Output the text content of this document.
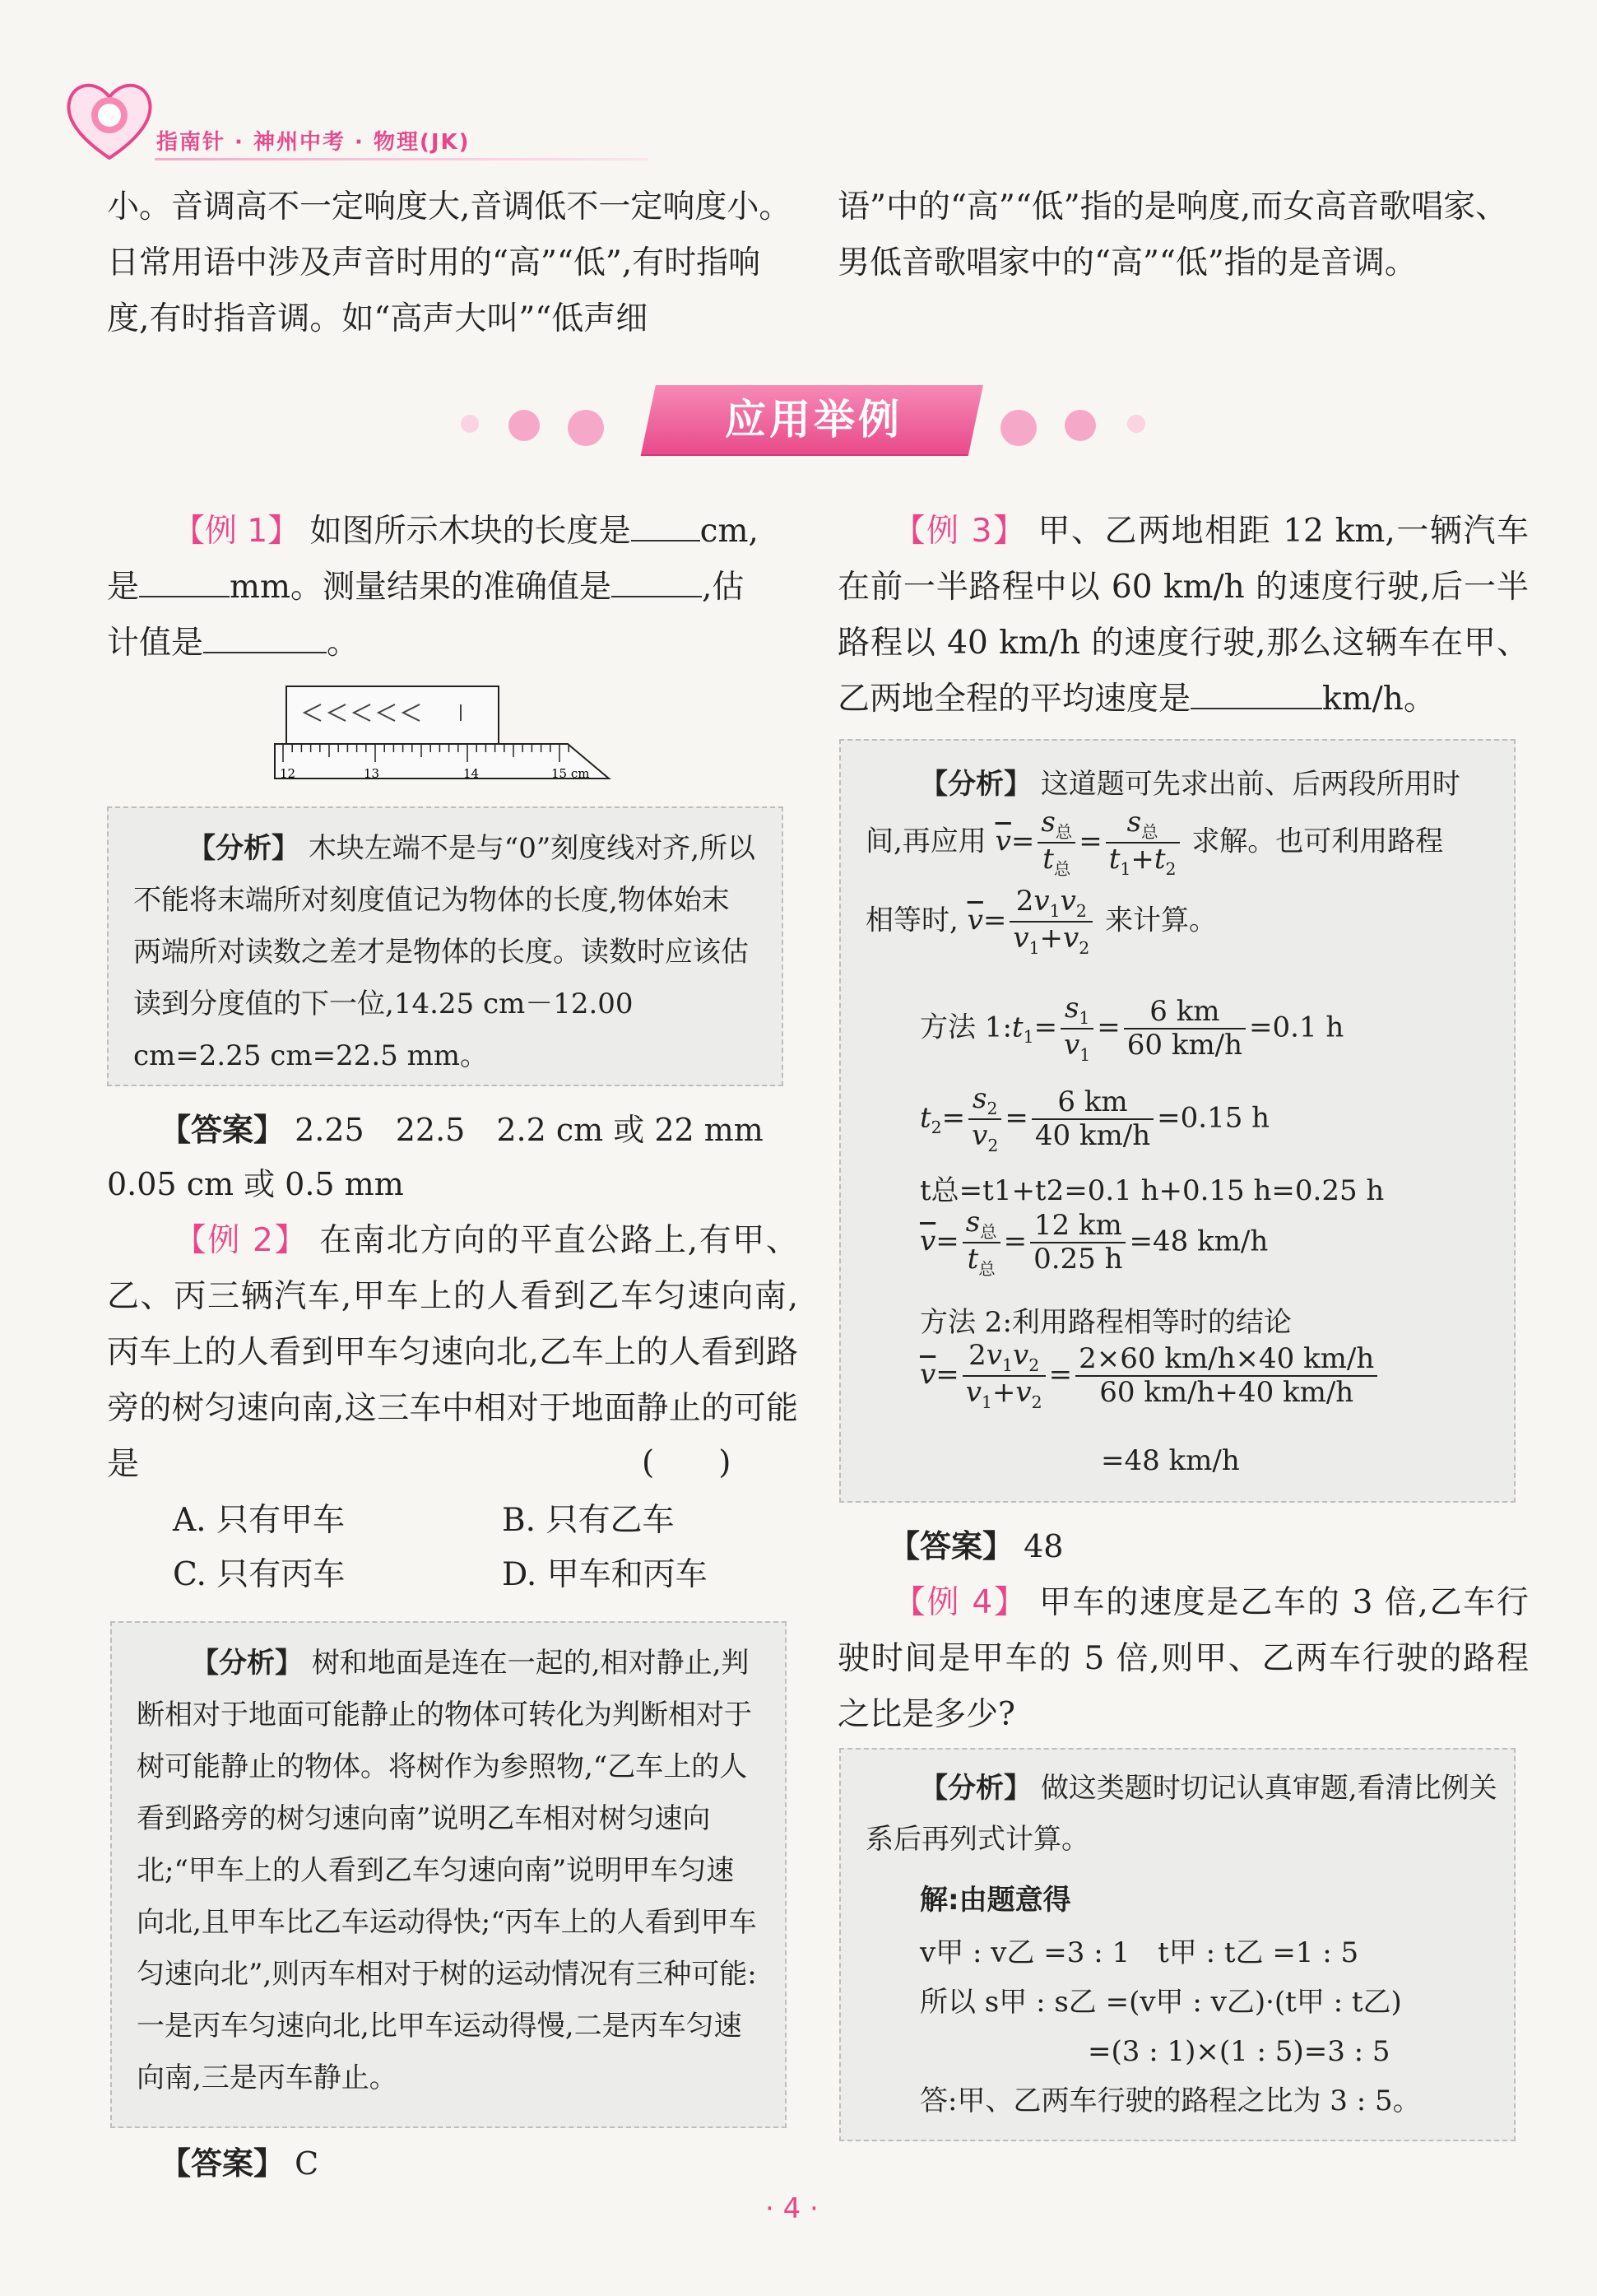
指南针 · 神州中考 · 物理(JK)

小。音调高不一定响度大,音调低不一定响度小。日常用语中涉及声音时用的“高”“低”,有时指响度,有时指音调。如“高声大叫”“低声细

语”中的“高”“低”指的是响度,而女高音歌唱家、男低音歌唱家中的“高”“低”指的是音调。

应用举例

【例 1】 如图所示木块的长度是 cm,
是	mm。测量结果的准确值是	,估
计值是	。

12	13	14	15 cm
【分析】 木块左端不是与“0”刻度线对齐,所以不能将末端所对刻度值记为物体的长度,物体始末两端所对读数之差才是物体的长度。读数时应该估读到分度值的下一位,14.25 cm－12.00 cm=2.25 cm=22.5 mm。
【答案】 2.25　22.5　2.2 cm 或 22 mm
0.05 cm 或 0.5 mm

【例 2】 在南北方向的平直公路上,有甲、乙、丙三辆汽车,甲车上的人看到乙车匀速向南,丙车上的人看到甲车匀速向北,乙车上的人看到路旁的树匀速向南,这三车中相对于地面静止的可能是	(　　)
A. 只有甲车	B. 只有乙车
C. 只有丙车	D. 甲车和丙车
【分析】 树和地面是连在一起的,相对静止,判断相对于地面可能静止的物体可转化为判断相对于树可能静止的物体。将树作为参照物,“乙车上的人看到路旁的树匀速向南”说明乙车相对树匀速向北;“甲车上的人看到乙车匀速向南”说明甲车匀速向北,且甲车比乙车运动得快;“丙车上的人看到甲车匀速向北”,则丙车相对于树的运动情况有三种可能:一是丙车匀速向北,比甲车运动得慢,二是丙车匀速向南,三是丙车静止。
【答案】 C

【例 3】 甲、乙两地相距 12 km,一辆汽车在前一半路程中以 60 km/h 的速度行驶,后一半路程以 40 km/h 的速度行驶,那么这辆车在甲、乙两地全程的平均速度是	km/h。

【分析】 这道题可先求出前、后两段所用时
间,再应用 $\overline{v}= \frac{s_总}{t_总} = \frac{s_总}{t_1+t_2}$ 求解。也可利用路程
相等时, $\overline{v}= \frac{2v_1v_2}{v_1+v_2}$ 来计算。
方法 $1:t_1= \frac{s_1}{v_1} = \frac{6 km}{60 km/h} =0.1$ h
$t_2= \frac{s_2}{v_2} = \frac{6 km}{40 km/h} =0.15$ h
t总=t1+t2=0.1 h+0.15 h=0.25 h
$\overline{v}= \frac{s_总}{t_总} = \frac{12 km}{0.25 h} =48$ km/h
方法 2:利用路程相等时的结论
$\overline{v}= \frac{2v_1v_2}{v_1+v_2} = \frac{2\times 60 km/h\times 40 km/h}{60 km/h+40 km/h}$
=48 km/h
【答案】 48

【例 4】 甲车的速度是乙车的 3 倍,乙车行驶时间是甲车的 5 倍,则甲、乙两车行驶的路程之比是多少?

【分析】 做这类题时切记认真审题,看清比例关系后再列式计算。
解:由题意得
v甲 : v乙 =3 : 1　t甲 : t乙 =1 : 5
所以 s甲 : s乙 =(v甲 : v乙)·(t甲 : t乙)
=(3 : 1)×(1 : 5)=3 : 5
答:甲、乙两车行驶的路程之比为 3 : 5。
· 4 ·
